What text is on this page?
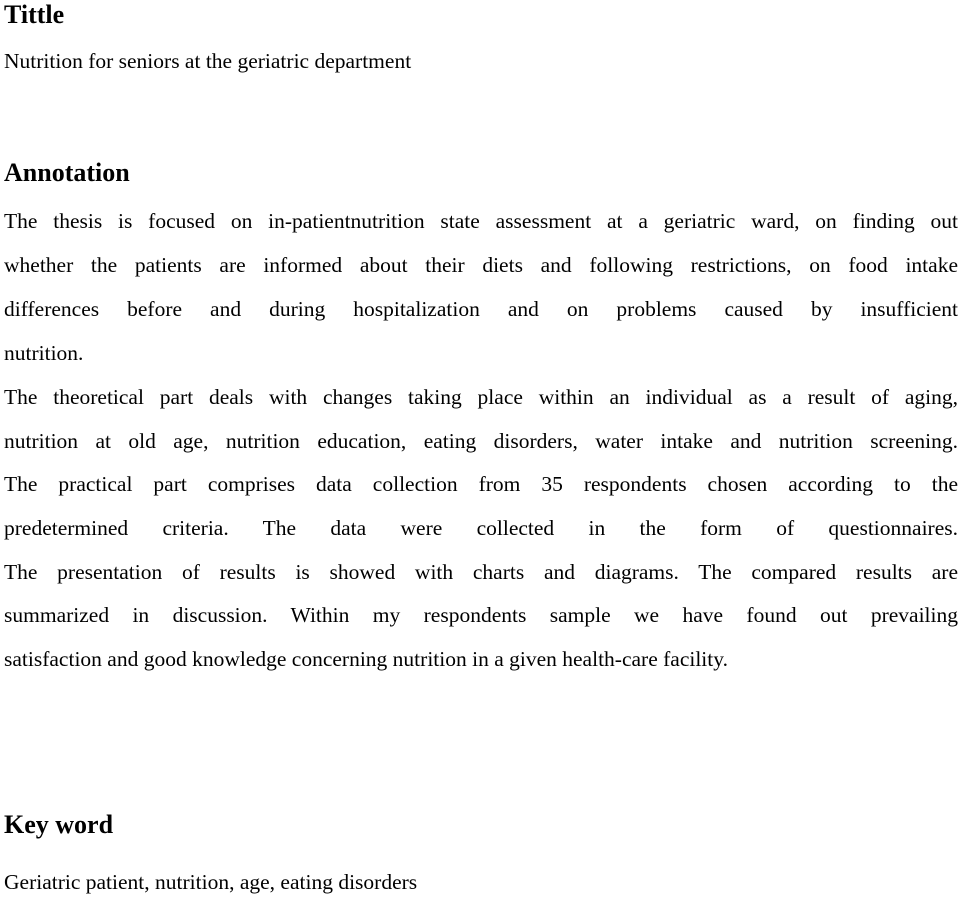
Tittle

Nutrition for seniors at the geriatric department

Annotation

The thesis is focused on in-patientnutrition state assessment at a geriatric ward, on finding out

whether the patients are informed about their diets and following restrictions, on food intake

differences before and during hospitalization and on problems caused by insufficient

nutrition.

The theoretical part deals with changes taking place within an individual as a result of aging,

nutrition at old age, nutrition education, eating disorders, water intake and nutrition screening.

The practical part comprises data collection from 35 respondents chosen according to the

predetermined criteria. The data were collected in the form of questionnaires.

The presentation of results is showed with charts and diagrams. The compared results are

summarized in discussion. Within my respondents sample we have found out prevailing

satisfaction and good knowledge concerning nutrition in a given health-care facility.

Key word

Geriatric patient, nutrition, age, eating disorders
